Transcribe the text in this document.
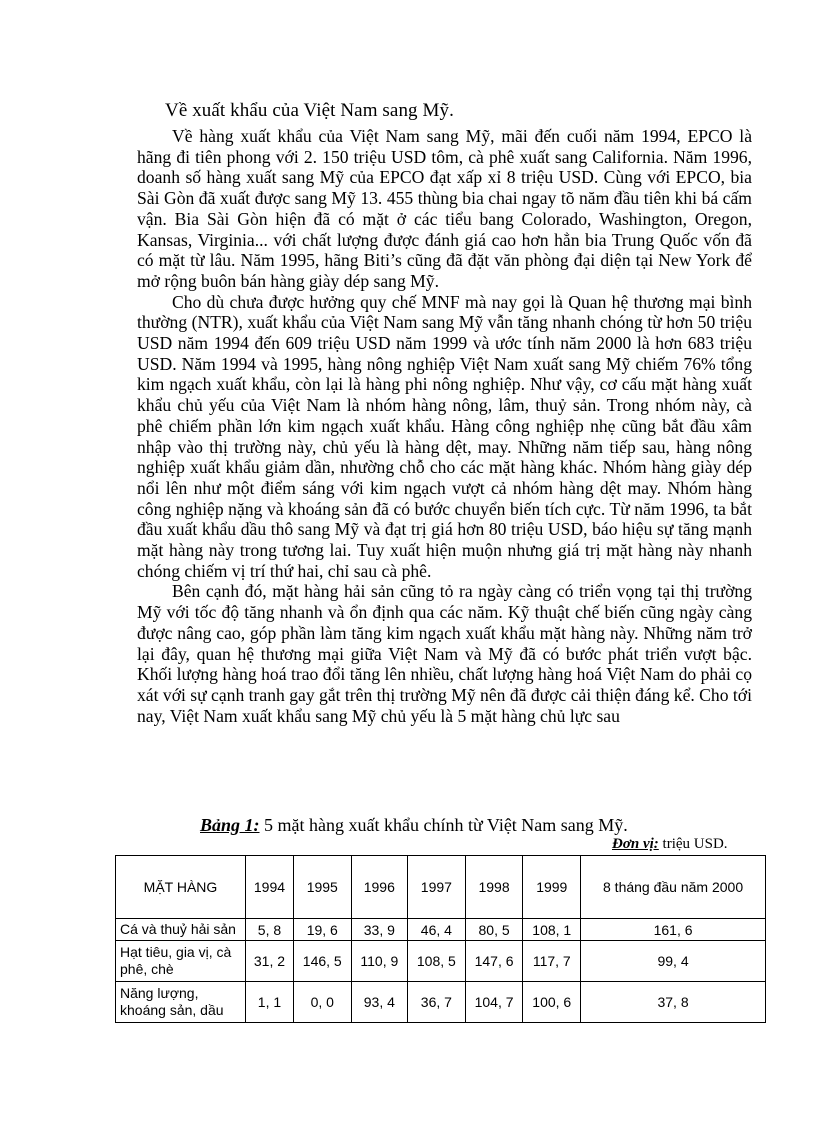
Về xuất khẩu của Việt Nam sang Mỹ.

Về hàng xuất khẩu của Việt Nam sang Mỹ, mãi đến cuối năm 1994, EPCO là hãng đi tiên phong với 2. 150 triệu USD tôm, cà phê xuất sang California. Năm 1996, doanh số hàng xuất sang Mỹ của EPCO đạt xấp xỉ 8 triệu USD. Cùng với EPCO, bia Sài Gòn đã xuất được sang Mỹ 13. 455 thùng bia chai ngay tõ năm đầu tiên khi bá cấm vận. Bia Sài Gòn hiện đã có mặt ở các tiểu bang Colorado, Washington, Oregon, Kansas, Virginia... với chất lượng được đánh giá cao hơn hẳn bia Trung Quốc vốn đã có mặt từ lâu. Năm 1995, hãng Biti’s cũng đã đặt văn phòng đại diện tại New York để mở rộng buôn bán hàng giày dép sang Mỹ.

Cho dù chưa được hưởng quy chế MNF mà nay gọi là Quan hệ thương mại bình thường (NTR), xuất khẩu của Việt Nam sang Mỹ vẫn tăng nhanh chóng từ hơn 50 triệu USD năm 1994 đến 609 triệu USD năm 1999 và ước tính năm 2000 là hơn 683 triệu USD. Năm 1994 và 1995, hàng nông nghiệp Việt Nam xuất sang Mỹ chiếm 76% tổng kim ngạch xuất khẩu, còn lại là hàng phi nông nghiệp. Như vậy, cơ cấu mặt hàng xuất khẩu chủ yếu của Việt Nam là nhóm hàng nông, lâm, thuỷ sản. Trong nhóm này, cà phê chiếm phần lớn kim ngạch xuất khẩu. Hàng công nghiệp nhẹ cũng bắt đầu xâm nhập vào thị trường này, chủ yếu là hàng dệt, may. Những năm tiếp sau, hàng nông nghiệp xuất khẩu giảm dần, nhường chỗ cho các mặt hàng khác. Nhóm hàng giày dép nổi lên như một điểm sáng với kim ngạch vượt cả nhóm hàng dệt may. Nhóm hàng công nghiệp nặng và khoáng sản đã có bước chuyển biến tích cực. Từ năm 1996, ta bắt đầu xuất khẩu dầu thô sang Mỹ và đạt trị giá hơn 80 triệu USD, báo hiệu sự tăng mạnh mặt hàng này trong tương lai. Tuy xuất hiện muộn nhưng giá trị mặt hàng này nhanh chóng chiếm vị trí thứ hai, chỉ sau cà phê.

Bên cạnh đó, mặt hàng hải sản cũng tỏ ra ngày càng có triển vọng tại thị trường Mỹ với tốc độ tăng nhanh và ổn định qua các năm. Kỹ thuật chế biến cũng ngày càng được nâng cao, góp phần làm tăng kim ngạch xuất khẩu mặt hàng này. Những năm trở lại đây, quan hệ thương mại giữa Việt Nam và Mỹ đã có bước phát triển vượt bậc. Khối lượng hàng hoá trao đổi tăng lên nhiều, chất lượng hàng hoá Việt Nam do phải cọ xát với sự cạnh tranh gay gắt trên thị trường Mỹ nên đã được cải thiện đáng kể. Cho tới nay, Việt Nam xuất khẩu sang Mỹ chủ yếu là 5 mặt hàng chủ lực sau

Bảng 1: 5 mặt hàng xuất khẩu chính từ Việt Nam sang Mỹ.
Đơn vị: triệu USD.
MẶT HÀNG	1994	1995	1996	1997	1998	1999	8 tháng đầu năm 2000
Cá và thuỷ hải sản	5, 8	19, 6	33, 9	46, 4	80, 5	108, 1	161, 6
Hạt tiêu, gia vị, cà phê, chè	31, 2	146, 5	110, 9	108, 5	147, 6	117, 7	99, 4
Năng lượng, khoáng sản, dầu	1, 1	0, 0	93, 4	36, 7	104, 7	100, 6	37, 8
